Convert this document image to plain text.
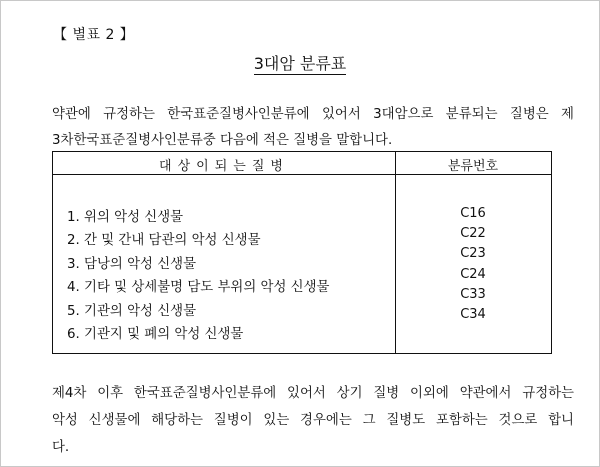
【 별표 2 】
3대암 분류표
약관에 규정하는 한국표준질병사인분류에 있어서 3대암으로 분류되는 질병은 제
3차한국표준질병사인분류중 다음에 적은 질병을 말합니다.
대상이되는질병	분류번호
1. 위의 악성 신생물
2. 간 및 간내 담관의 악성 신생물
3. 담낭의 악성 신생물
4. 기타 및 상세불명 담도 부위의 악성 신생물
5. 기관의 악성 신생물
6. 기관지 및 폐의 악성 신생물
C16
C22
C23
C24
C33
C34
제4차 이후 한국표준질병사인분류에 있어서 상기 질병 이외에 약관에서 규정하는
악성 신생물에 해당하는 질병이 있는 경우에는 그 질병도 포함하는 것으로 합니
다.
